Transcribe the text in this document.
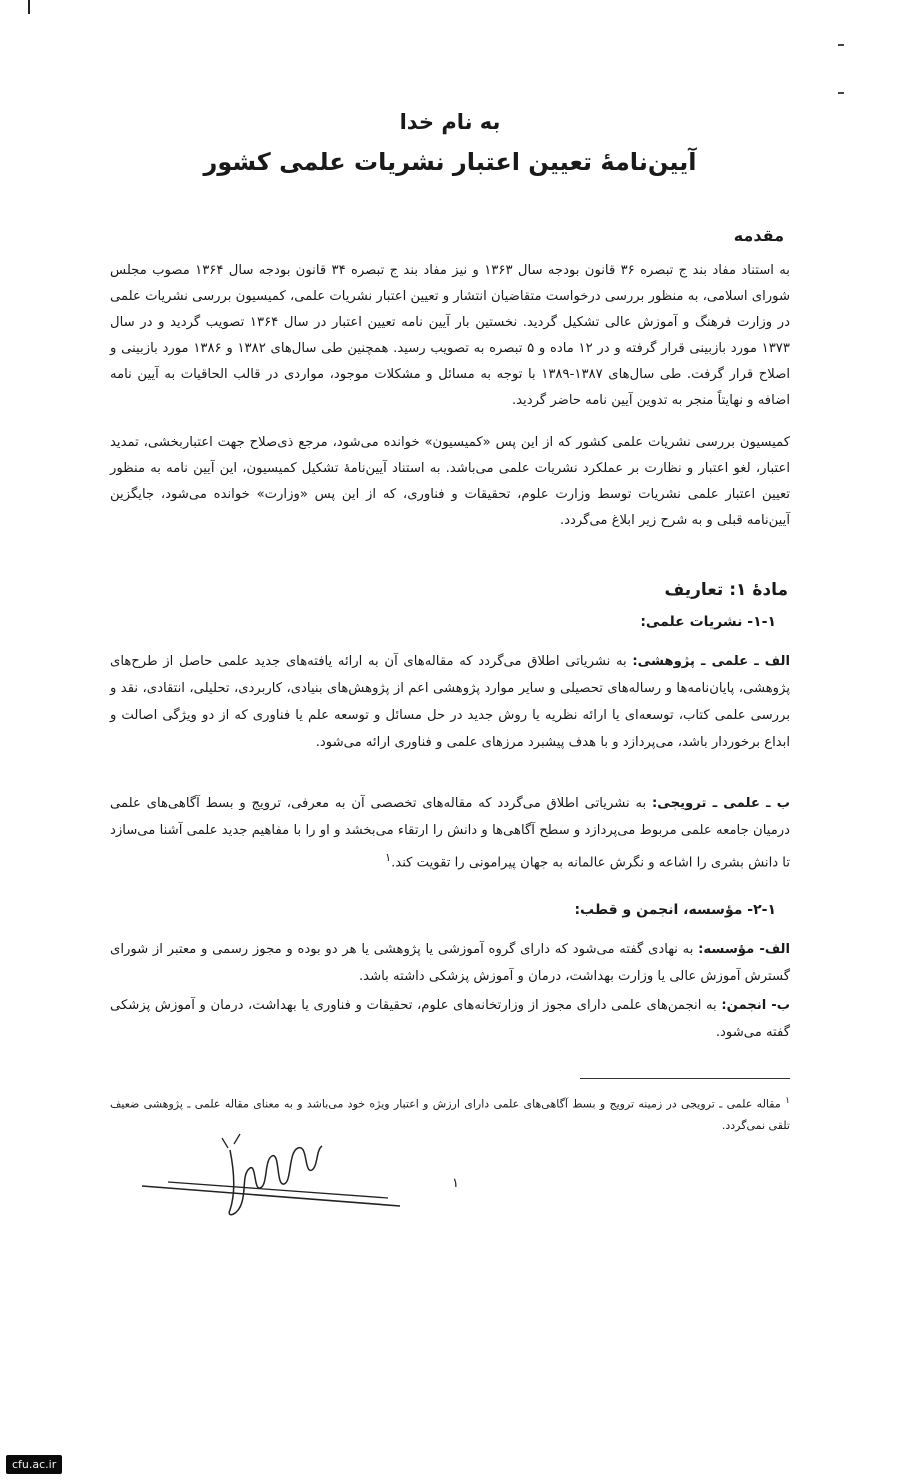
به نام خدا
آیین‌نامهٔ تعیین اعتبار نشریات علمی کشور
مقدمه
به استناد مفاد بند ج تبصره ۳۶ قانون بودجه سال ۱۳۶۳ و نیز مفاد بند ج تبصره ۳۴ قانون بودجه سال ۱۳۶۴ مصوب مجلس شورای اسلامی، به منظور بررسی درخواست متقاضیان انتشار و تعیین اعتبار نشریات علمی، کمیسیون بررسی نشریات علمی در وزارت فرهنگ و آموزش عالی تشکیل گردید. نخستین بار آیین نامه تعیین اعتبار در سال ۱۳۶۴ تصویب گردید و در سال ۱۳۷۳ مورد بازبینی قرار گرفته و در ۱۲ ماده و ۵ تبصره به تصویب رسید. همچنین طی سال‌های ۱۳۸۲ و ۱۳۸۶ مورد بازبینی و اصلاح قرار گرفت. طی سال‌های ۱۳۸۷-۱۳۸۹ با توجه به مسائل و مشکلات موجود، مواردی در قالب الحاقیات به آیین نامه اضافه و نهایتاً منجر به تدوین آیین نامه حاضر گردید.
کمیسیون بررسی نشریات علمی کشور که از این پس «کمیسیون» خوانده می‌شود، مرجع ذی‌صلاح جهت اعتباربخشی، تمدید اعتبار، لغو اعتبار و نظارت بر عملکرد نشریات علمی می‌باشد. به استناد آیین‌نامهٔ تشکیل کمیسیون، این آیین نامه به منظور تعیین اعتبار علمی نشریات توسط وزارت علوم، تحقیقات و فناوری، که از این پس «وزارت» خوانده می‌شود، جایگزین آیین‌نامه قبلی و به شرح زیر ابلاغ می‌گردد.
مادهٔ ۱: تعاریف
۱-۱- نشریات علمی:
الف ـ علمی ـ پژوهشی: به نشریاتی اطلاق می‌گردد که مقاله‌های آن به ارائه یافته‌های جدید علمی حاصل از طرح‌های پژوهشی، پایان‌نامه‌ها و رساله‌های تحصیلی و سایر موارد پژوهشی اعم از پژوهش‌های بنیادی، کاربردی، تحلیلی، انتقادی، نقد و بررسی علمی کتاب، توسعه‌ای یا ارائه نظریه یا روش جدید در حل مسائل و توسعه علم یا فناوری که از دو ویژگی اصالت و ابداع برخوردار باشد، می‌پردازد و با هدف پیشبرد مرزهای علمی و فناوری ارائه می‌شود.
ب ـ علمی ـ ترویجی: به نشریاتی اطلاق می‌گردد که مقاله‌های تخصصی آن به معرفی، ترویج و بسط آگاهی‌های علمی درمیان جامعه علمی مربوط می‌پردازد و سطح آگاهی‌ها و دانش را ارتقاء می‌بخشد و او را با مفاهیم جدید علمی آشنا می‌سازد تا دانش بشری را اشاعه و نگرش عالمانه به جهان پیرامونی را تقویت کند.$^۱$
۲-۱- مؤسسه، انجمن و قطب:
الف- مؤسسه: به نهادی گفته می‌شود که دارای گروه آموزشی یا پژوهشی یا هر دو بوده و مجوز رسمی و معتبر از شورای گسترش آموزش عالی یا وزارت بهداشت، درمان و آموزش پزشکی داشته باشد.
ب- انجمن: به انجمن‌های علمی دارای مجوز از وزارتخانه‌های علوم، تحقیقات و فناوری یا بهداشت، درمان و آموزش پزشکی گفته می‌شود.
$^۱$ مقاله علمی ـ ترویجی در زمینه ترویج و بسط آگاهی‌های علمی دارای ارزش و اعتبار ویژه خود می‌باشد و به معنای مقاله علمی ـ پژوهشی ضعیف تلقی نمی‌گردد.
۱
cfu.ac.ir
